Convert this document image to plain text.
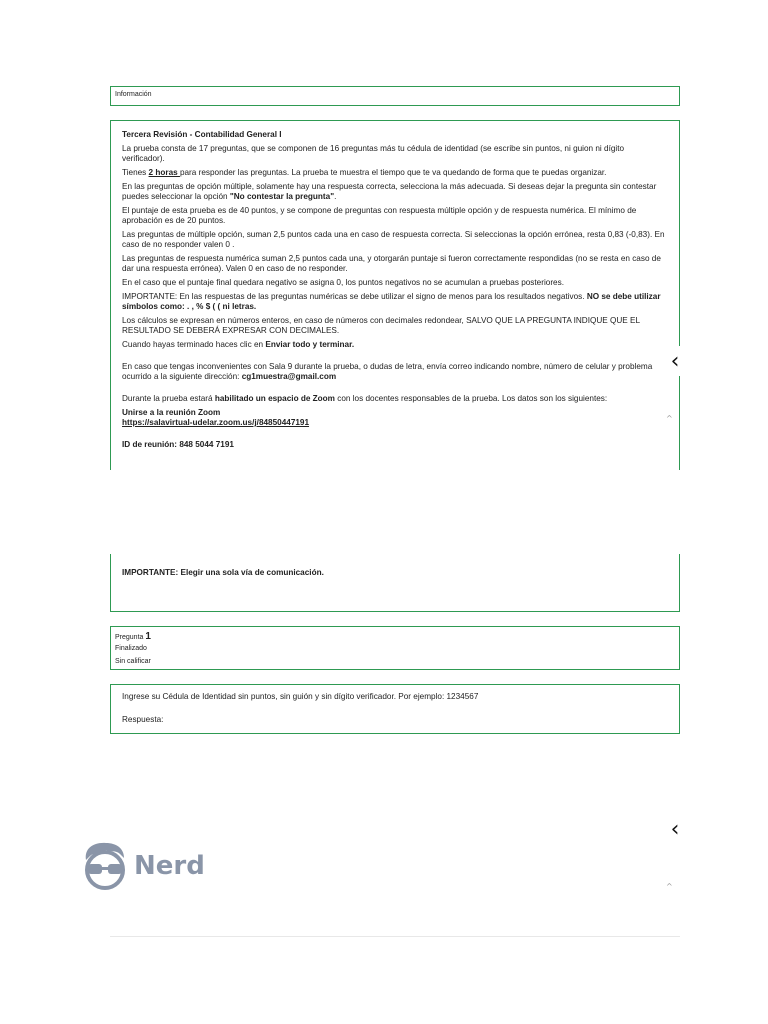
Información

Tercera Revisión - Contabilidad General I

La prueba consta de 17 preguntas, que se componen de 16 preguntas más tu cédula de identidad (se escribe sin puntos, ni guion ni dígito verificador).

Tienes 2 horas para responder las preguntas. La prueba te muestra el tiempo que te va quedando de forma que te puedas organizar.

En las preguntas de opción múltiple, solamente hay una respuesta correcta, selecciona la más adecuada. Si deseas dejar la pregunta sin contestar puedes seleccionar la opción "No contestar la pregunta".

El puntaje de esta prueba es de 40 puntos, y se compone de preguntas con respuesta múltiple opción y de respuesta numérica. El mínimo de aprobación es de 20 puntos.

Las preguntas de múltiple opción, suman 2,5 puntos cada una en caso de respuesta correcta. Si seleccionas la opción errónea, resta 0,83 (-0,83). En caso de no responder valen 0 .

Las preguntas de respuesta numérica suman 2,5 puntos cada una, y otorgarán puntaje si fueron correctamente respondidas (no se resta en caso de dar una respuesta errónea). Valen 0 en caso de no responder.

En el caso que el puntaje final quedara negativo se asigna 0, los puntos negativos no se acumulan a pruebas posteriores.

IMPORTANTE: En las respuestas de las preguntas numéricas se debe utilizar el signo de menos para los resultados negativos. NO se debe utilizar símbolos como: . , % $ ( ( ni letras.

Los cálculos se expresan en números enteros, en caso de números con decimales redondear, SALVO QUE LA PREGUNTA INDIQUE QUE EL RESULTADO SE DEBERÁ EXPRESAR CON DECIMALES.

Cuando hayas terminado haces clic en Enviar todo y terminar.

En caso que tengas inconvenientes con Sala 9 durante la prueba, o dudas de letra, envía correo indicando nombre, número de celular y problema ocurrido a la siguiente dirección: cg1muestra@gmail.com

Durante la prueba estará habilitado un espacio de Zoom con los docentes responsables de la prueba. Los datos son los siguientes:

Unirse a la reunión Zoom

https://salavirtual-udelar.zoom.us/j/84850447191

ID de reunión: 848 5044 7191

IMPORTANTE: Elegir una sola vía de comunicación.
Pregunta 1
Finalizado
Sin calificar
Ingrese su Cédula de Identidad sin puntos, sin guión y sin dígito verificador. Por ejemplo: 1234567
Respuesta:
‹
^
‹
^
Nerd
